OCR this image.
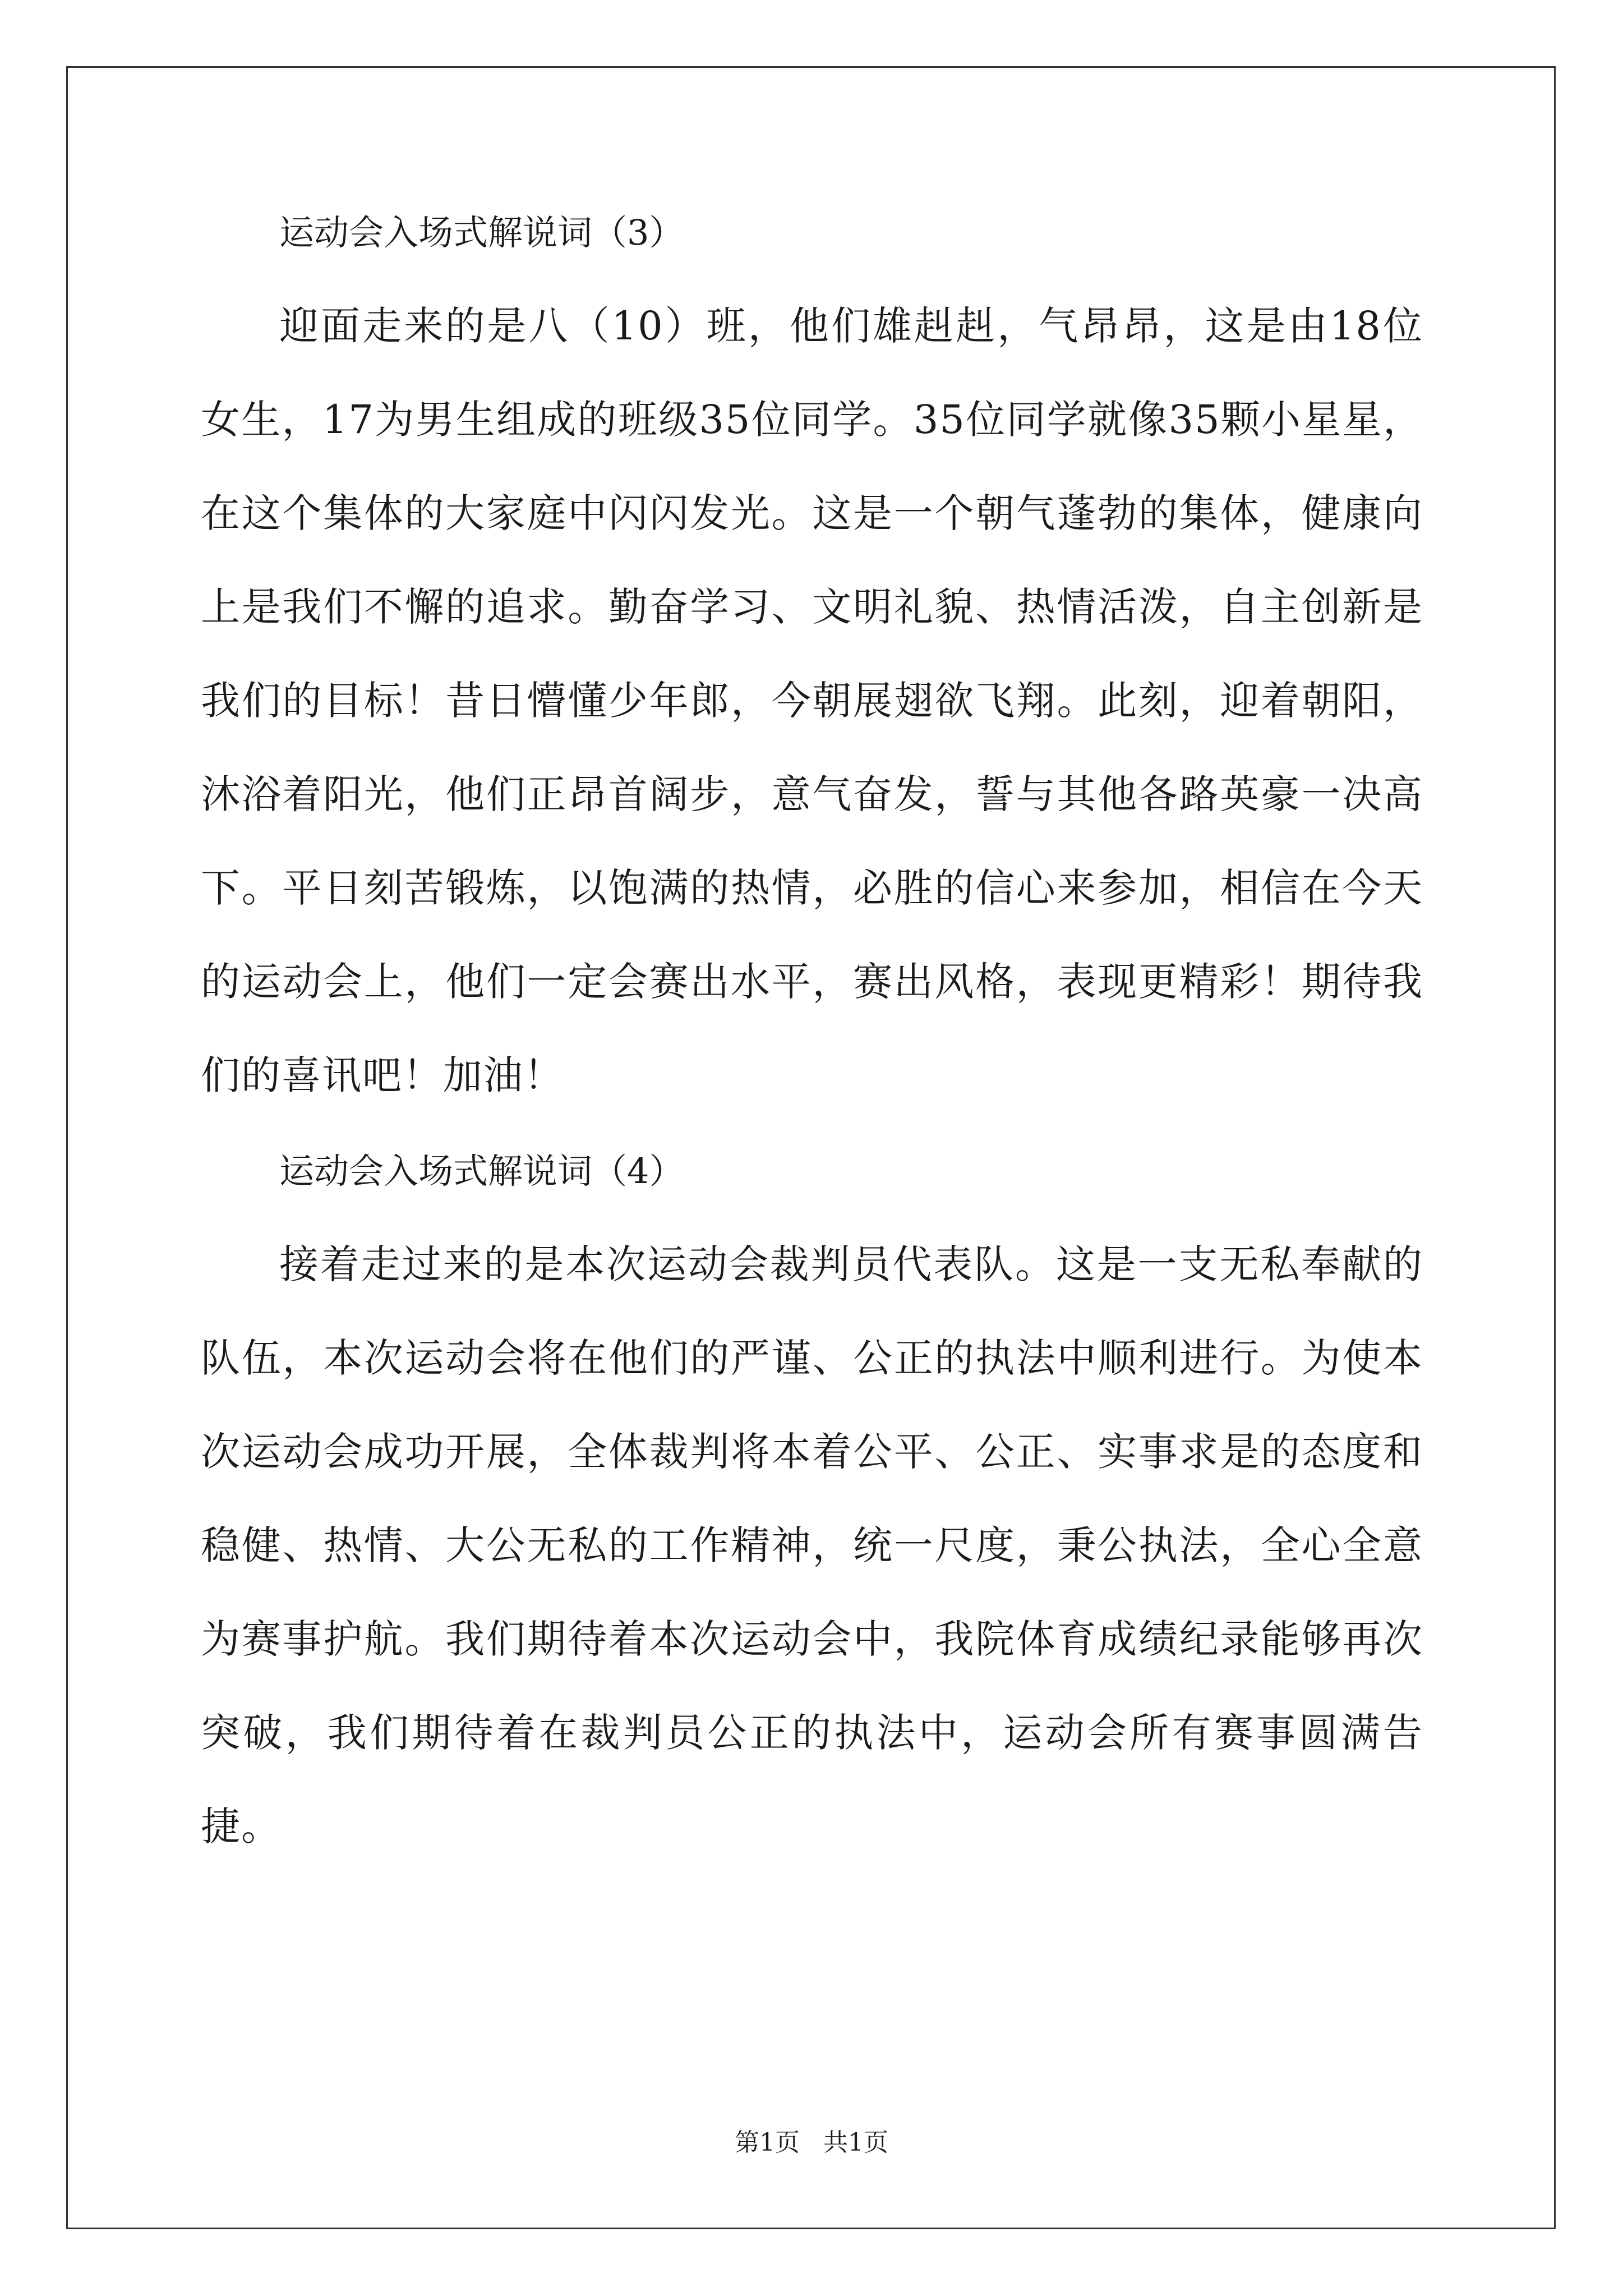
运动会入场式解说词（3）

迎面走来的是八（10）班，他们雄赳赳，气昂昂，这是由18位女生，17为男生组成的班级35位同学。35位同学就像35颗小星星，在这个集体的大家庭中闪闪发光。这是一个朝气蓬勃的集体，健康向上是我们不懈的追求。勤奋学习、文明礼貌、热情活泼，自主创新是我们的目标！昔日懵懂少年郎，今朝展翅欲飞翔。此刻，迎着朝阳，沐浴着阳光，他们正昂首阔步，意气奋发，誓与其他各路英豪一决高下。平日刻苦锻炼，以饱满的热情，必胜的信心来参加，相信在今天的运动会上，他们一定会赛出水平，赛出风格，表现更精彩！期待我们的喜讯吧！加油！

运动会入场式解说词（4）

接着走过来的是本次运动会裁判员代表队。这是一支无私奉献的队伍，本次运动会将在他们的严谨、公正的执法中顺利进行。为使本次运动会成功开展，全体裁判将本着公平、公正、实事求是的态度和稳健、热情、大公无私的工作精神，统一尺度，秉公执法，全心全意为赛事护航。我们期待着本次运动会中，我院体育成绩纪录能够再次突破，我们期待着在裁判员公正的执法中，运动会所有赛事圆满告捷。

第1页   共1页
